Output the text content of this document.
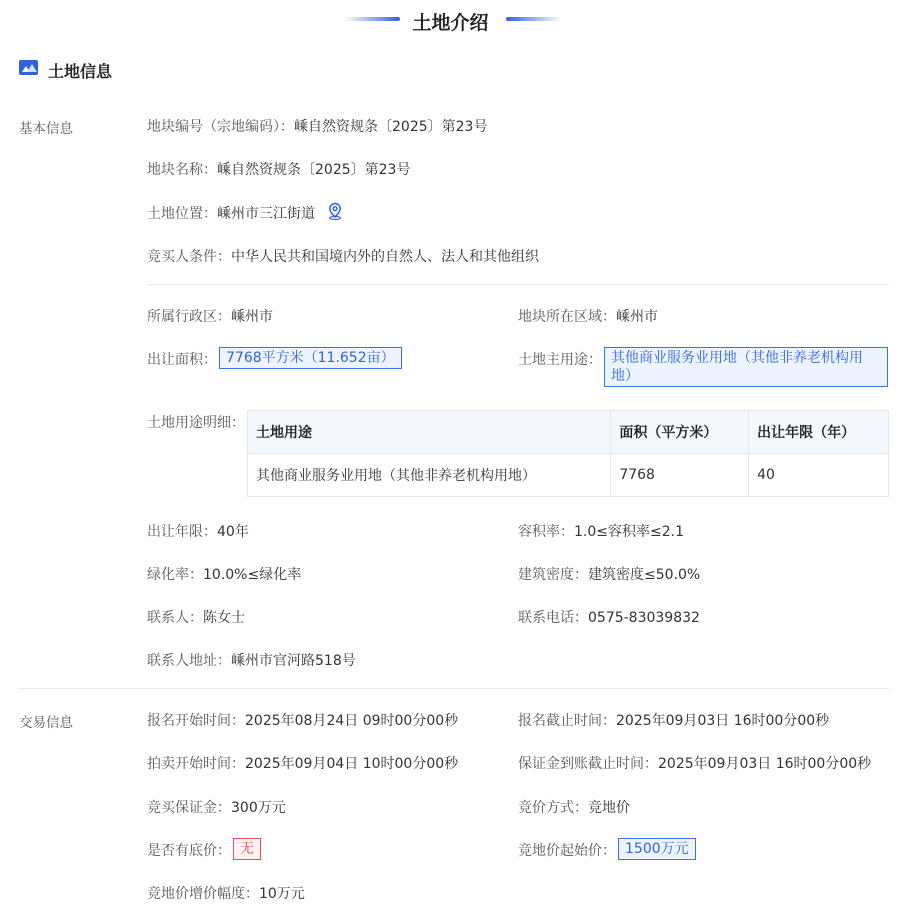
土地介绍
土地信息
基本信息	地块编号（宗地编码）：嵊自然资规条〔2025〕第23号
地块名称：嵊自然资规条〔2025〕第23号
土地位置：嵊州市三江街道
竞买人条件：中华人民共和国境内外的自然人、法人和其他组织
所属行政区：嵊州市	地块所在区域：嵊州市
出让面积： 7768平方米（11.652亩）	土地主用途： 其他商业服务业用地（其他非养老机构用
地）
土地用途明细：
土地用途	面积（平方米）	出让年限（年）
其他商业服务业用地（其他非养老机构用地）	7768	40
出让年限：40年	容积率：1.0≤容积率≤2.1
绿化率：10.0%≤绿化率	建筑密度：建筑密度≤50.0%
联系人：陈女士	联系电话：0575-83039832
联系人地址：嵊州市官河路518号
交易信息	报名开始时间：2025年08月24日 09时00分00秒	报名截止时间：2025年09月03日 16时00分00秒
拍卖开始时间：2025年09月04日 10时00分00秒	保证金到账截止时间：2025年09月03日 16时00分00秒
竞买保证金：300万元	竞价方式：竞地价
是否有底价： 无	竞地价起始价： 1500万元
竞地价增价幅度：10万元
